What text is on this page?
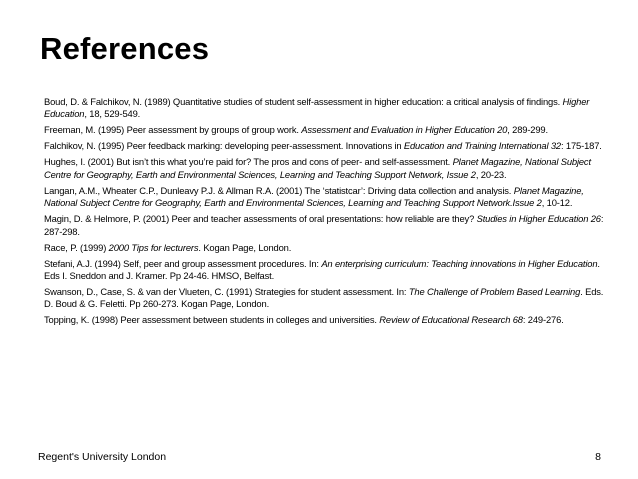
References
Boud, D. & Falchikov, N. (1989) Quantitative studies of student self-assessment in higher education: a critical analysis of findings. Higher Education, 18, 529-549.
Freeman, M. (1995) Peer assessment by groups of group work. Assessment and Evaluation in Higher Education 20, 289-299.
Falchikov, N. (1995) Peer feedback marking: developing peer-assessment. Innovations in Education and Training International 32: 175-187.
Hughes, I. (2001) But isn’t this what you’re paid for? The pros and cons of peer- and self-assessment. Planet Magazine, National Subject Centre for Geography, Earth and Environmental Sciences, Learning and Teaching Support Network, Issue 2, 20-23.
Langan, A.M., Wheater C.P., Dunleavy P.J. & Allman R.A. (2001) The ‘statistcar’: Driving data collection and analysis. Planet Magazine, National Subject Centre for Geography, Earth and Environmental Sciences, Learning and Teaching Support Network.Issue 2, 10-12.
Magin, D. & Helmore, P. (2001) Peer and teacher assessments of oral presentations: how reliable are they? Studies in Higher Education 26: 287-298.
Race, P. (1999) 2000 Tips for lecturers. Kogan Page, London.
Stefani, A.J. (1994) Self, peer and group assessment procedures. In: An enterprising curriculum: Teaching innovations in Higher Education. Eds I. Sneddon and J. Kramer. Pp 24-46. HMSO, Belfast.
Swanson, D., Case, S. & van der Vlueten, C. (1991) Strategies for student assessment. In: The Challenge of Problem Based Learning. Eds. D. Boud & G. Feletti. Pp 260-273. Kogan Page, London.
Topping, K. (1998) Peer assessment between students in colleges and universities. Review of Educational Research 68: 249-276.
Regent's University London	8
